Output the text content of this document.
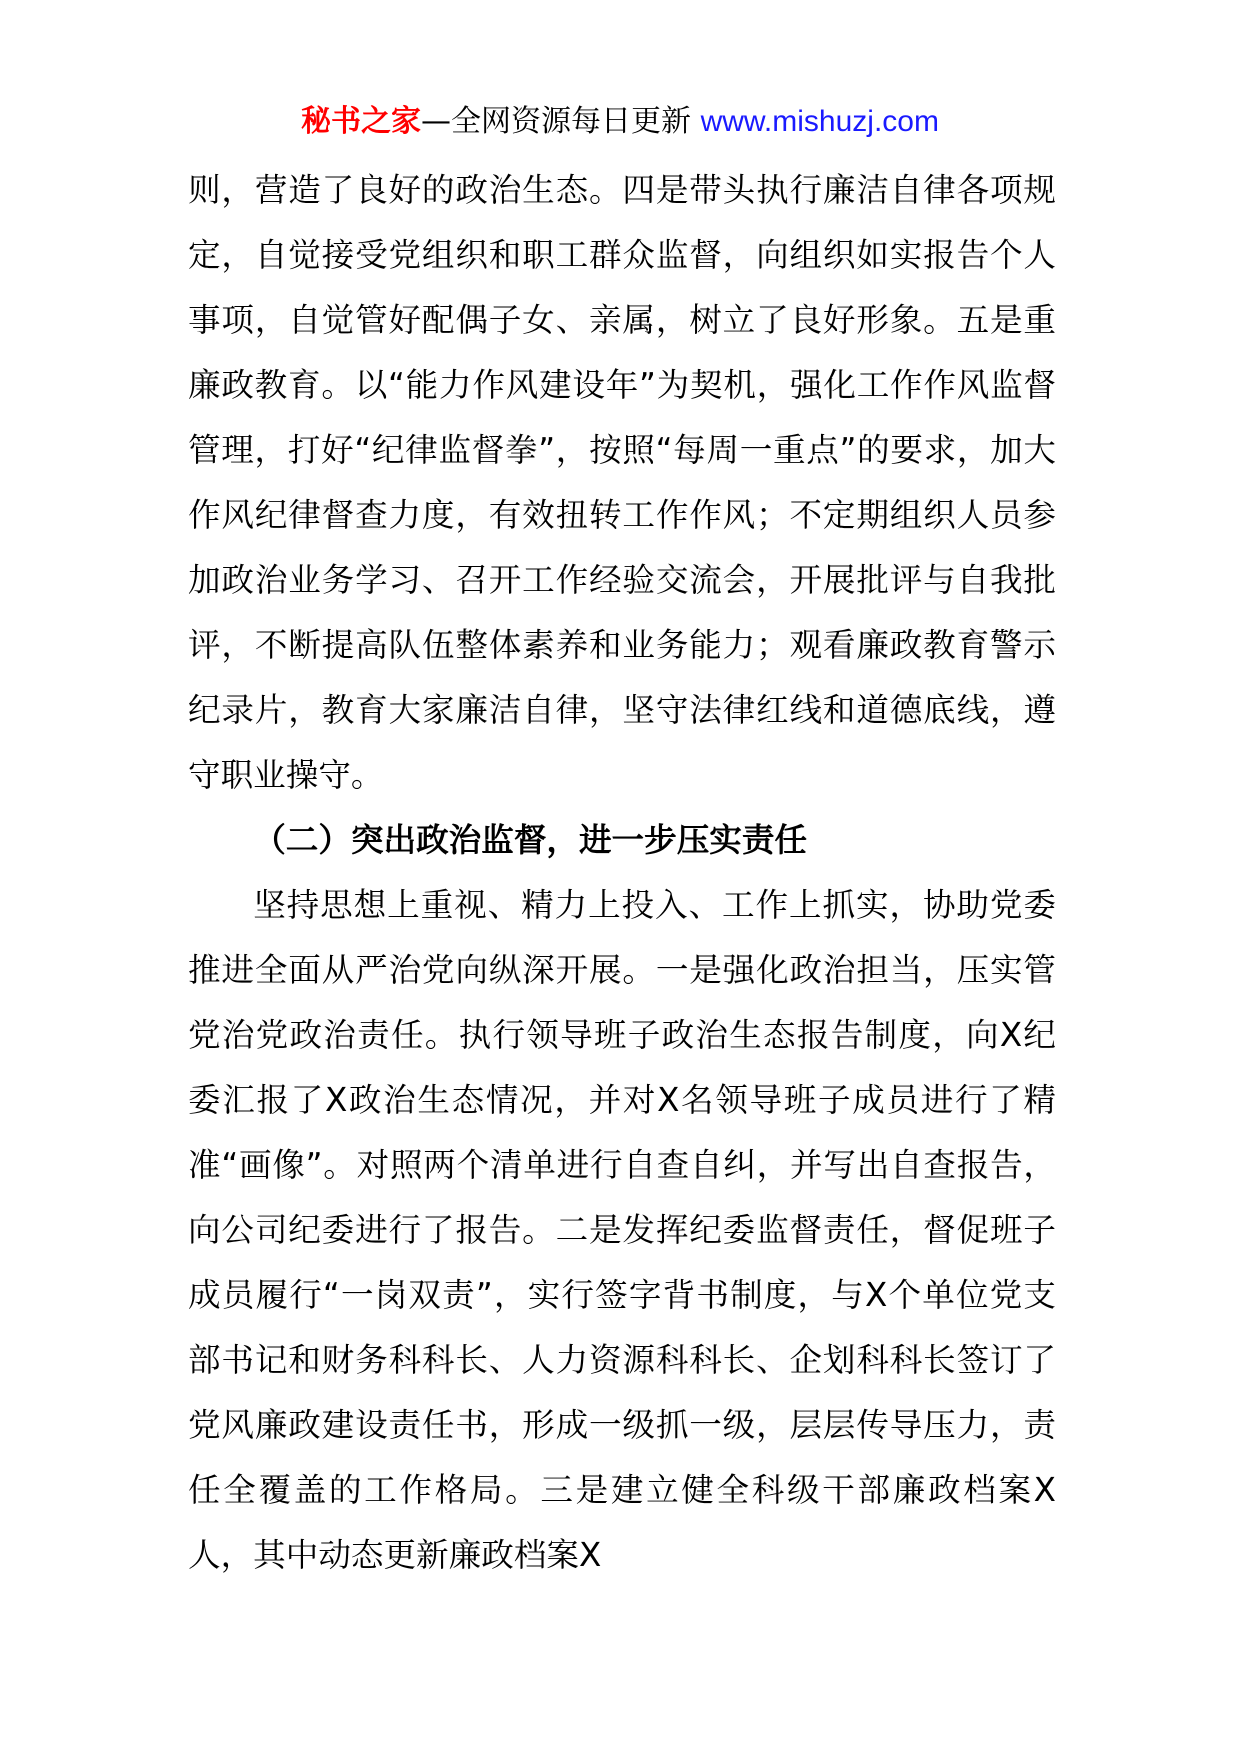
秘书之家—全网资源每日更新 www.mishuzj.com

则，营造了良好的政治生态。四是带头执行廉洁自律各项规定，自觉接受党组织和职工群众监督，向组织如实报告个人事项，自觉管好配偶子女、亲属，树立了良好形象。五是重廉政教育。以“能力作风建设年”为契机，强化工作作风监督管理，打好“纪律监督拳”，按照“每周一重点”的要求，加大作风纪律督查力度，有效扭转工作作风；不定期组织人员参加政治业务学习、召开工作经验交流会，开展批评与自我批评，不断提高队伍整体素养和业务能力；观看廉政教育警示纪录片，教育大家廉洁自律，坚守法律红线和道德底线，遵守职业操守。

（二）突出政治监督，进一步压实责任

坚持思想上重视、精力上投入、工作上抓实，协助党委推进全面从严治党向纵深开展。一是强化政治担当，压实管党治党政治责任。执行领导班子政治生态报告制度，向X纪委汇报了X政治生态情况，并对X名领导班子成员进行了精准“画像”。对照两个清单进行自查自纠，并写出自查报告，向公司纪委进行了报告。二是发挥纪委监督责任，督促班子成员履行“一岗双责”，实行签字背书制度，与X个单位党支部书记和财务科科长、人力资源科科长、企划科科长签订了党风廉政建设责任书，形成一级抓一级，层层传导压力，责任全覆盖的工作格局。三是建立健全科级干部廉政档案X人，其中动态更新廉政档案X
